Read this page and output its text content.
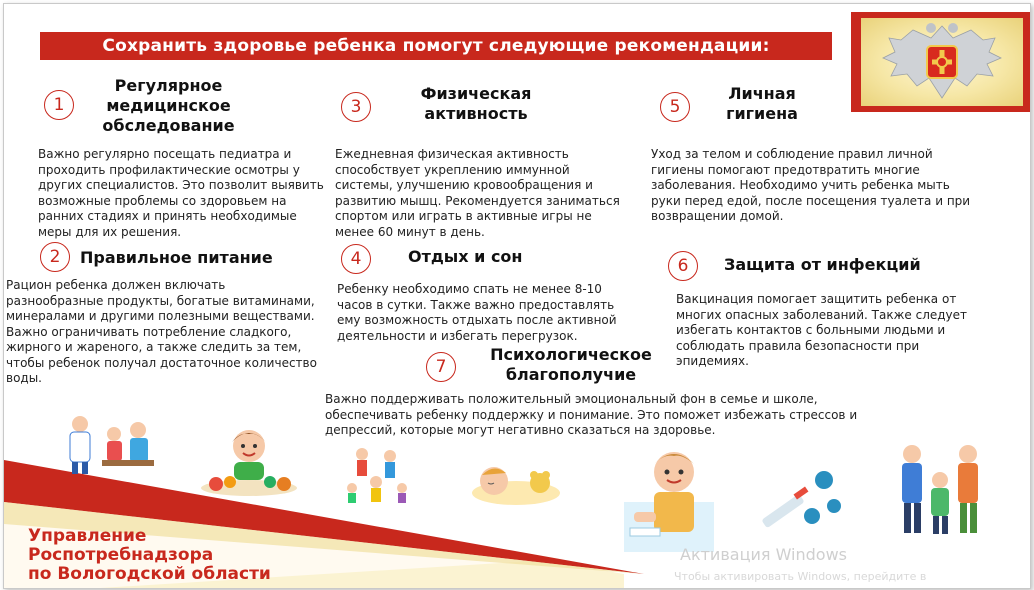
Сохранить здоровье ребенка помогут следующие рекомендации:
1
Регулярное медицинское обследование
Важно регулярно посещать педиатра и проходить профилактические осмотры у других специалистов. Это позволит выявить возможные проблемы со здоровьем на ранних стадиях и принять необходимые меры для их решения.
2	Правильное питание
Рацион ребенка должен включать разнообразные продукты, богатые витаминами, минералами и другими полезными веществами. Важно ограничивать потребление сладкого, жирного и жареного, а также следить за тем, чтобы ребенок получал достаточное количество воды.
3
Физическая активность
Ежедневная физическая активность способствует укреплению иммунной системы, улучшению кровообращения и развитию мышц. Рекомендуется заниматься спортом или играть в активные игры не менее 60 минут в день.
4	Отдых и сон
Ребенку необходимо спать не менее 8-10 часов в сутки. Также важно предоставлять ему возможность отдыхать после активной деятельности и избегать перегрузок.
5
Личная гигиена
Уход за телом и соблюдение правил личной гигиены помогают предотвратить многие заболевания. Необходимо учить ребенка мыть руки перед едой, после посещения туалета и при возвращении домой.
6	Защита от инфекций
Вакцинация помогает защитить ребенка от многих опасных заболеваний. Также следует избегать контактов с больными людьми и соблюдать правила безопасности при эпидемиях.
7
Психологическое благополучие
Важно поддерживать положительный эмоциональный фон в семье и школе, обеспечивать ребенку поддержку и понимание. Это поможет избежать стрессов и депрессий, которые могут негативно сказаться на здоровье.
Управление
Роспотребнадзора
по Вологодской области
Активация Windows
Чтобы активировать Windows, перейдите в
